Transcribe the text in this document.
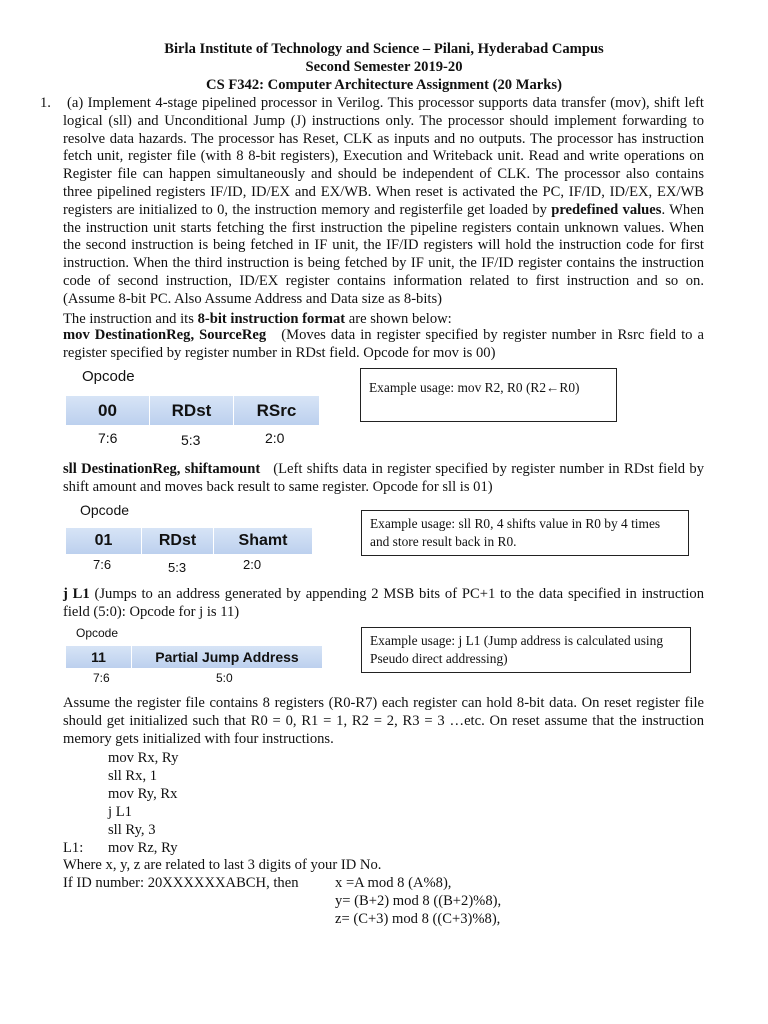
Birla Institute of Technology and Science – Pilani, Hyderabad Campus
Second Semester 2019-20
CS F342: Computer Architecture Assignment (20 Marks)
1. (a) Implement 4-stage pipelined processor in Verilog. This processor supports data transfer (mov), shift left logical (sll) and Unconditional Jump (J) instructions only. The processor should implement forwarding to resolve data hazards. The processor has Reset, CLK as inputs and no outputs. The processor has instruction fetch unit, register file (with 8 8-bit registers), Execution and Writeback unit. Read and write operations on Register file can happen simultaneously and should be independent of CLK. The processor also contains three pipelined registers IF/ID, ID/EX and EX/WB. When reset is activated the PC, IF/ID, ID/EX, EX/WB registers are initialized to 0, the instruction memory and registerfile get loaded by predefined values. When the instruction unit starts fetching the first instruction the pipeline registers contain unknown values. When the second instruction is being fetched in IF unit, the IF/ID registers will hold the instruction code for first instruction. When the third instruction is being fetched by IF unit, the IF/ID register contains the instruction code of second instruction, ID/EX register contains information related to first instruction and so on. (Assume 8-bit PC. Also Assume Address and Data size as 8-bits)
The instruction and its 8-bit instruction format are shown below:
mov DestinationReg, SourceReg (Moves data in register specified by register number in Rsrc field to a register specified by register number in RDst field. Opcode for mov is 00)
Opcode
00	RDst	RSrc
7:6	5:3	2:0
Example usage: mov R2, R0 (R2←R0)
sll DestinationReg, shiftamount (Left shifts data in register specified by register number in RDst field by shift amount and moves back result to same register. Opcode for sll is 01)
Opcode
01	RDst	Shamt
7:6	5:3	2:0
Example usage: sll R0, 4 shifts value in R0 by 4 times and store result back in R0.
j L1 (Jumps to an address generated by appending 2 MSB bits of PC+1 to the data specified in instruction field (5:0): Opcode for j is 11)
Opcode
11	Partial Jump Address
7:6	5:0
Example usage: j L1 (Jump address is calculated using Pseudo direct addressing)
Assume the register file contains 8 registers (R0-R7) each register can hold 8-bit data. On reset register file should get initialized such that R0 = 0, R1 = 1, R2 = 2, R3 = 3 …etc. On reset assume that the instruction memory gets initialized with four instructions.
mov Rx, Ry
sll Rx, 1
mov Ry, Rx
j L1
sll Ry, 3
L1: mov Rz, Ry
Where x, y, z are related to last 3 digits of your ID No.
If ID number: 20XXXXXXABCH, then	x =A mod 8 (A%8),
y= (B+2) mod 8 ((B+2)%8),
z= (C+3) mod 8 ((C+3)%8),
